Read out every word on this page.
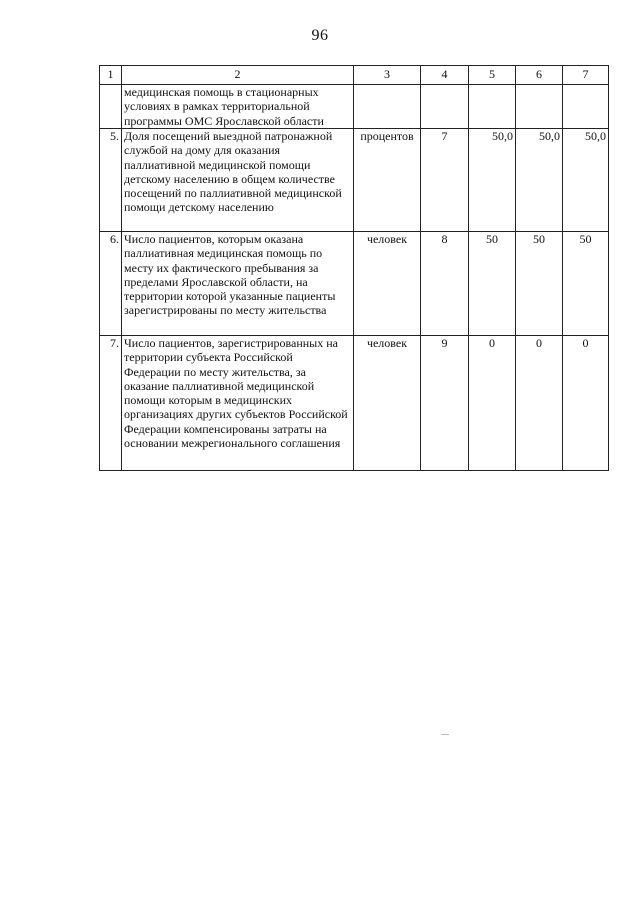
96
1	2	3	4	5	6	7
	медицинская помощь в стационарных условиях в рамках территориальной программы ОМС Ярославской области					
5.	Доля посещений выездной патронажной службой на дому для оказания паллиативной медицинской помощи детскому населению в общем количестве посещений по паллиативной медицинской помощи детскому населению	процентов	7	50,0	50,0	50,0
6.	Число пациентов, которым оказана паллиативная медицинская помощь по месту их фактического пребывания за пределами Ярославской области, на территории которой указанные пациенты зарегистрированы по месту жительства	человек	8	50	50	50
7.	Число пациентов, зарегистрированных на территории субъекта Российской Федерации по месту жительства, за оказание паллиативной медицинской помощи которым в медицинских организациях других субъектов Российской Федерации компенсированы затраты на основании межрегионального соглашения	человек	9	0	0	0
